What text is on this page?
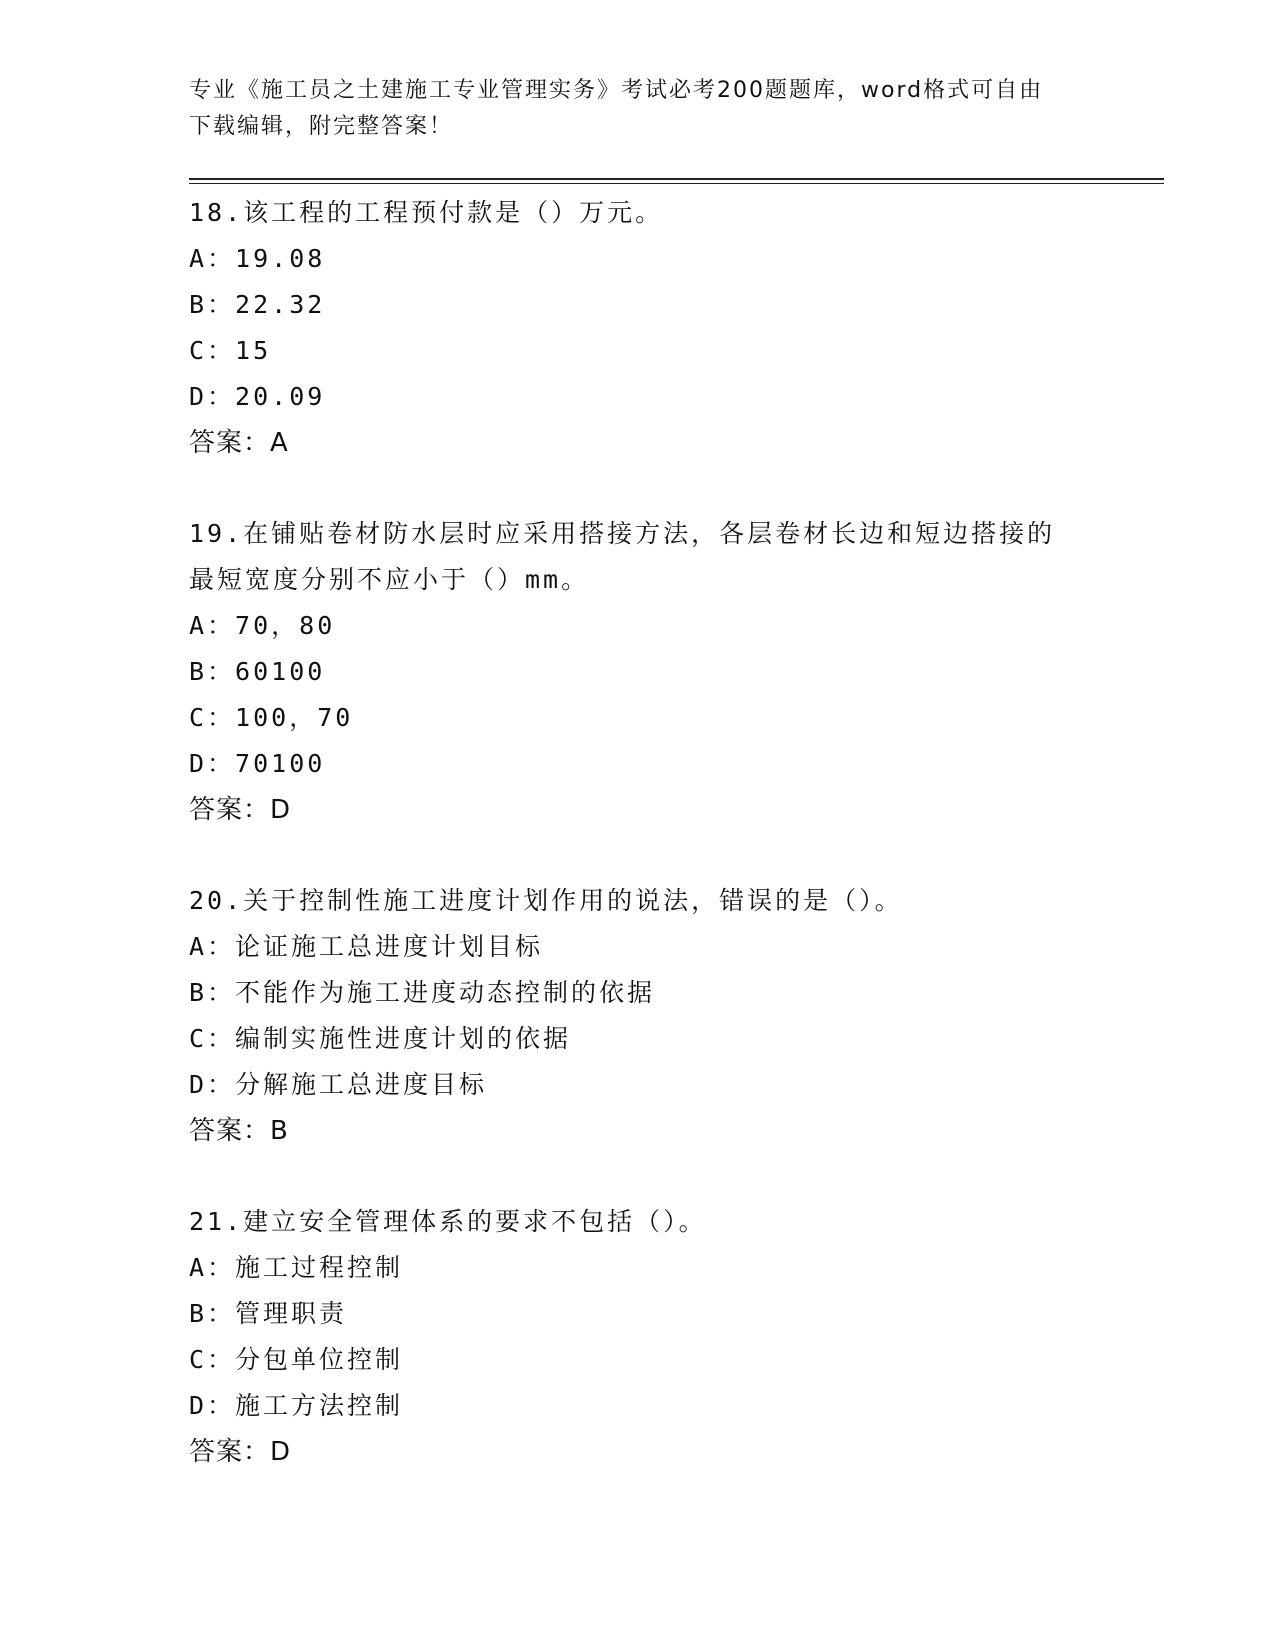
专业《施工员之土建施工专业管理实务》考试必考200题题库，word格式可自由
下载编辑，附完整答案！
18.该工程的工程预付款是（）万元。
A：19.08
B：22.32
C：15
D：20.09
答案：A
19.在铺贴卷材防水层时应采用搭接方法，各层卷材长边和短边搭接的
最短宽度分别不应小于（）mm。
A：70，80
B：60100
C：100，70
D：70100
答案：D
20.关于控制性施工进度计划作用的说法，错误的是（）。
A：论证施工总进度计划目标
B：不能作为施工进度动态控制的依据
C：编制实施性进度计划的依据
D：分解施工总进度目标
答案：B
21.建立安全管理体系的要求不包括（）。
A：施工过程控制
B：管理职责
C：分包单位控制
D：施工方法控制
答案：D
